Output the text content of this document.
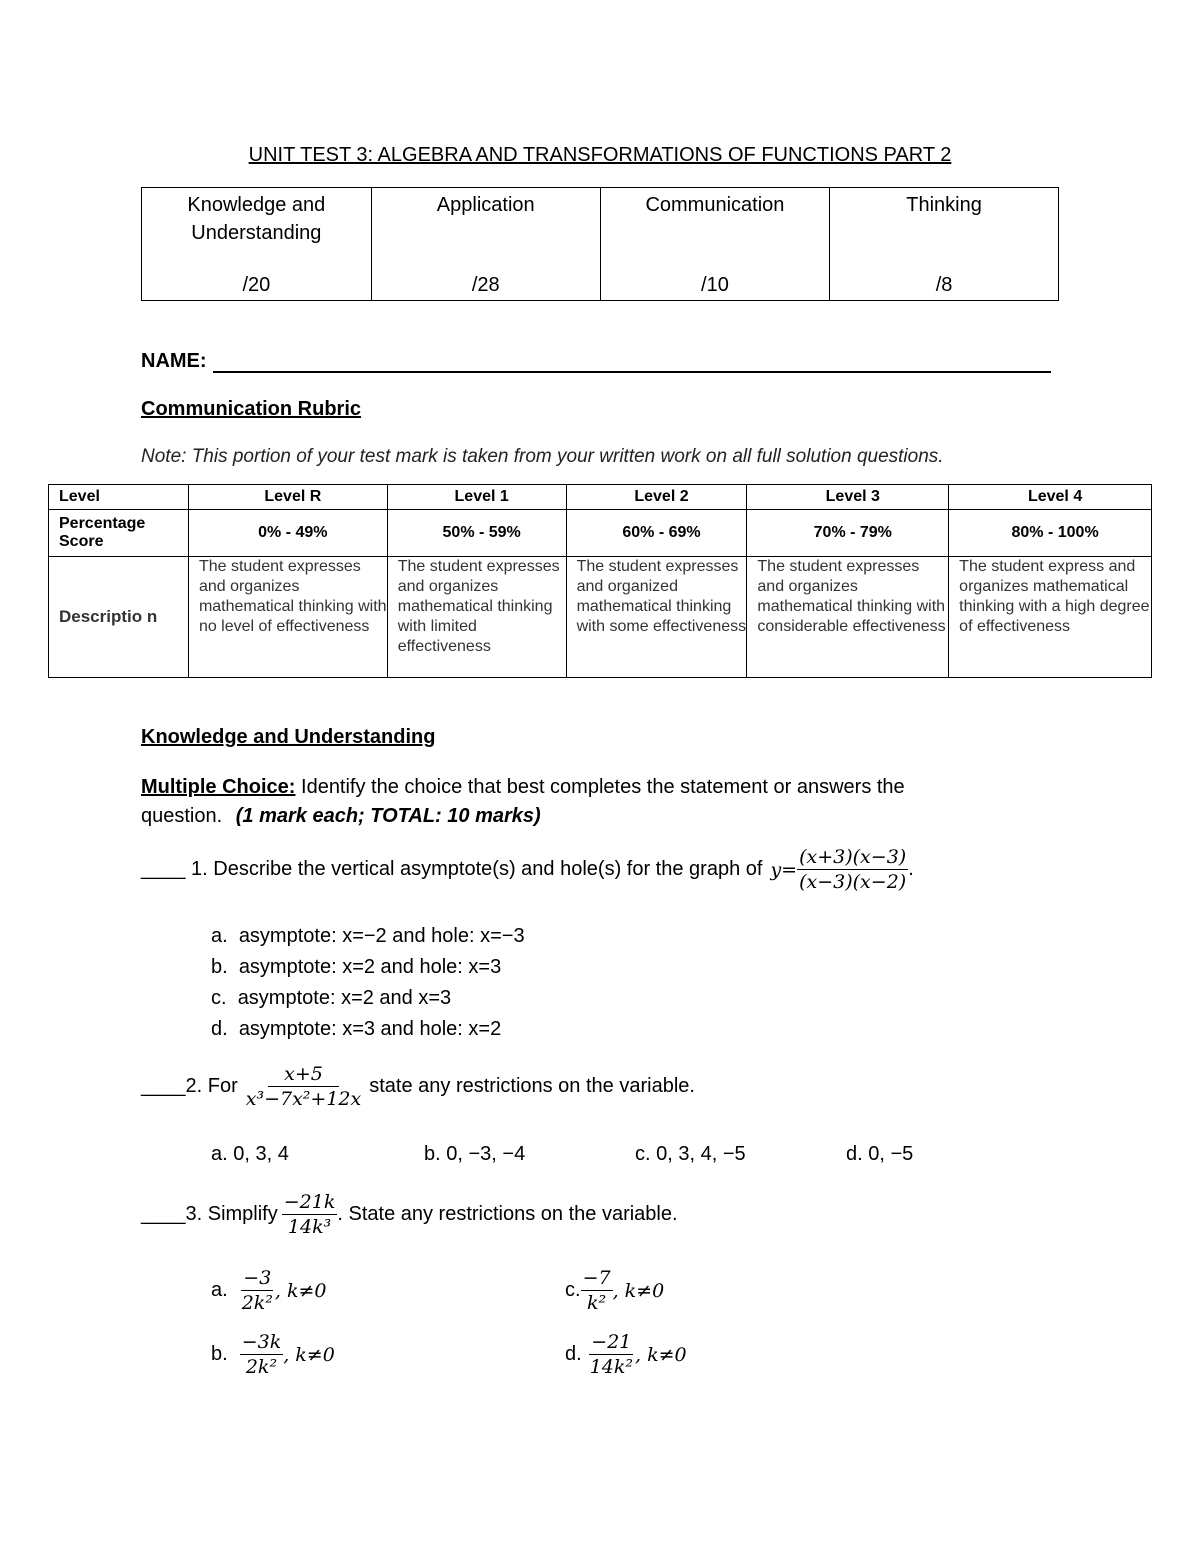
UNIT TEST 3: ALGEBRA AND TRANSFORMATIONS OF FUNCTIONS PART 2
Knowledge and Understanding
/20

Application
/28

Communication
/10

Thinking
/8
NAME:
Communication Rubric
Note: This portion of your test mark is taken from your written work on all full solution questions.
Level	Level R	Level 1	Level 2	Level 3	Level 4
Percentage Score	0% - 49%	50% - 59%	60% - 69%	70% - 79%	80% - 100%
Descriptio n	The student expresses and organizes mathematical thinking with no level of effectiveness	The student expresses and organizes mathematical thinking with limited effectiveness	The student expresses and organized mathematical thinking with some effectiveness	The student expresses and organizes mathematical thinking with considerable effectiveness	The student express and organizes mathematical thinking with a high degree of effectiveness
Knowledge and Understanding
Multiple Choice: Identify the choice that best completes the statement or answers the question. (1 mark each; TOTAL: 10 marks)
____ 1. Describe the vertical asymptote(s) and hole(s) for the graph of $y= \frac{(x+3)(x-3)}{(x-3)(x-2)}$ .
a. asymptote: x=−2 and hole: x=−3
b. asymptote: x=2 and hole: x=3
c. asymptote: x=2 and x=3
d. asymptote: x=3 and hole: x=2
____2. For $\frac{x+5}{\text{x³−7x²+12x}}$ state any restrictions on the variable.
a. 0, 3, 4	b. 0, −3, −4	c. 0, 3, 4, −5	d. 0, −5
____3. Simplify $\frac{-21k}{\text{14k³}}$ . State any restrictions on the variable.
a. $\frac{-3}{\text{2k²}}$ , k≠0	c. $\frac{-7}{\text{k²}}$ , k≠0
b. $\frac{-3k}{\text{2k²}}$ , k≠0	d. $\frac{-21}{\text{14k²}}$ , k≠0
